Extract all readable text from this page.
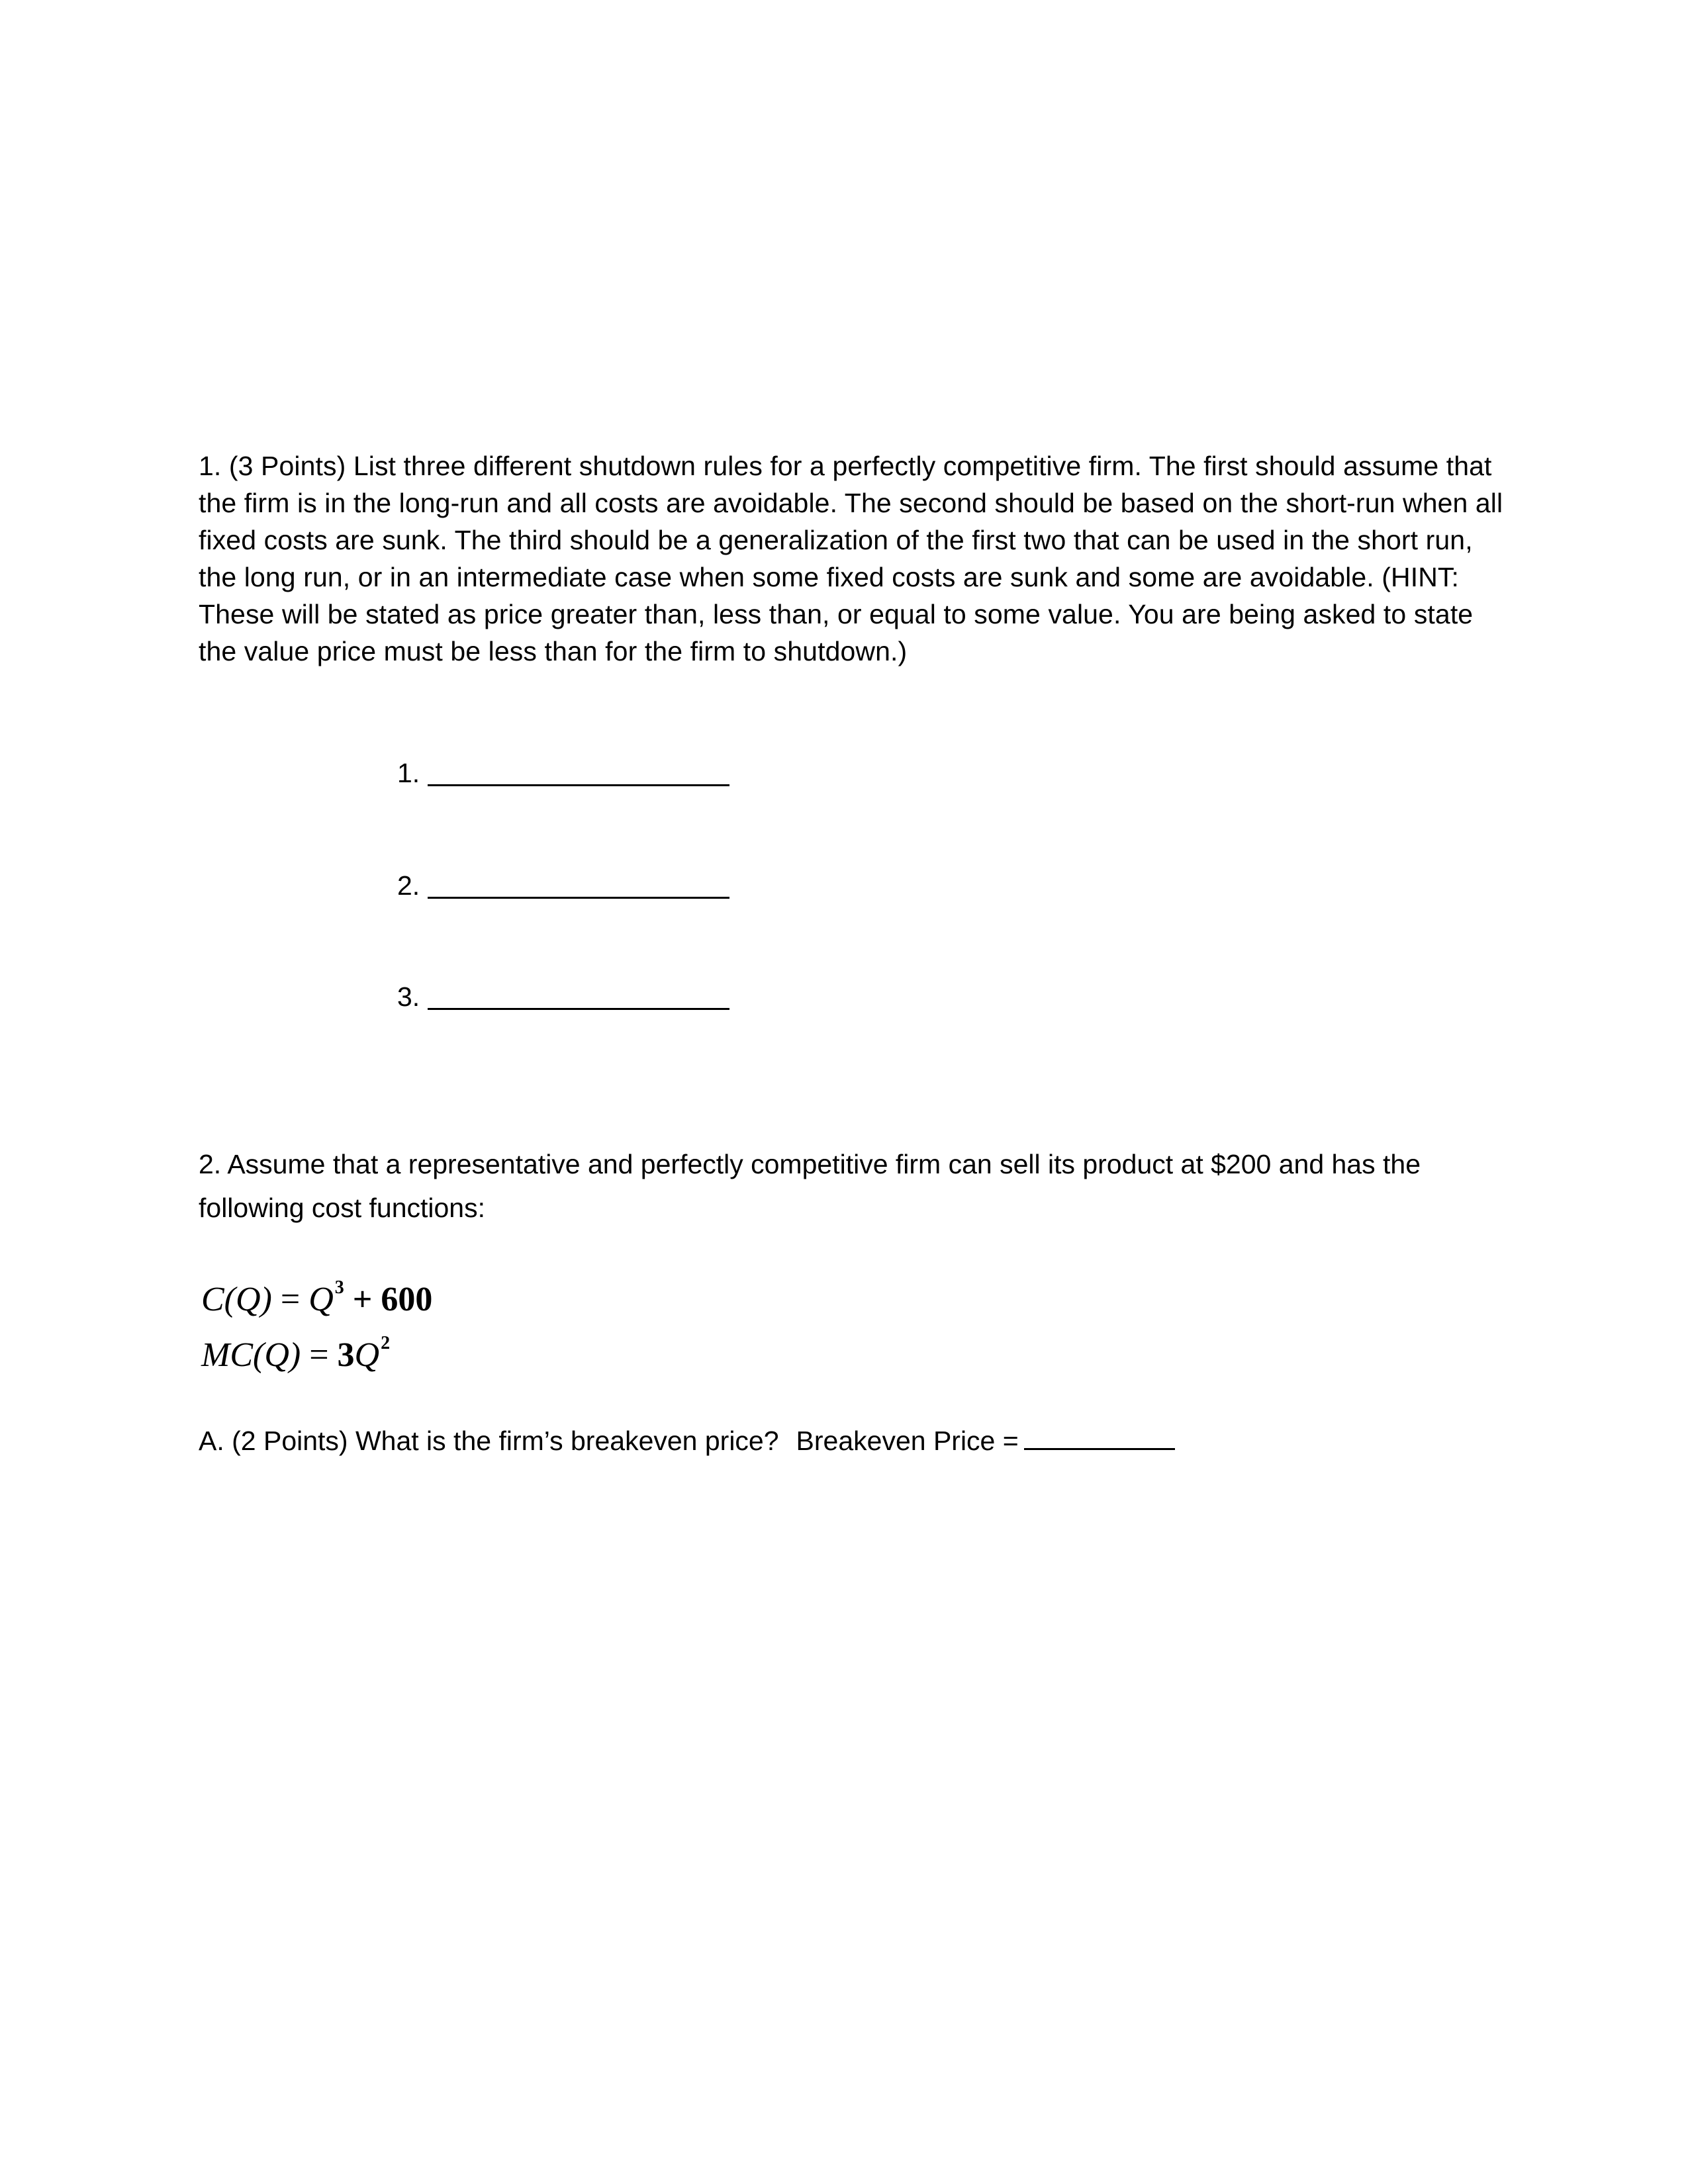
1. (3 Points) List three different shutdown rules for a perfectly competitive firm. The first should assume that the firm is in the long-run and all costs are avoidable. The second should be based on the short-run when all fixed costs are sunk. The third should be a generalization of the first two that can be used in the short run, the long run, or in an intermediate case when some fixed costs are sunk and some are avoidable. (HINT: These will be stated as price greater than, less than, or equal to some value. You are being asked to state the value price must be less than for the firm to shutdown.)
1.
2.
3.
2. Assume that a representative and perfectly competitive firm can sell its product at $200 and has the following cost functions:
$C(Q) = Q^3 + 600$
$MC(Q) = 3Q^2$
A. (2 Points) What is the firm’s breakeven price? Breakeven Price =
